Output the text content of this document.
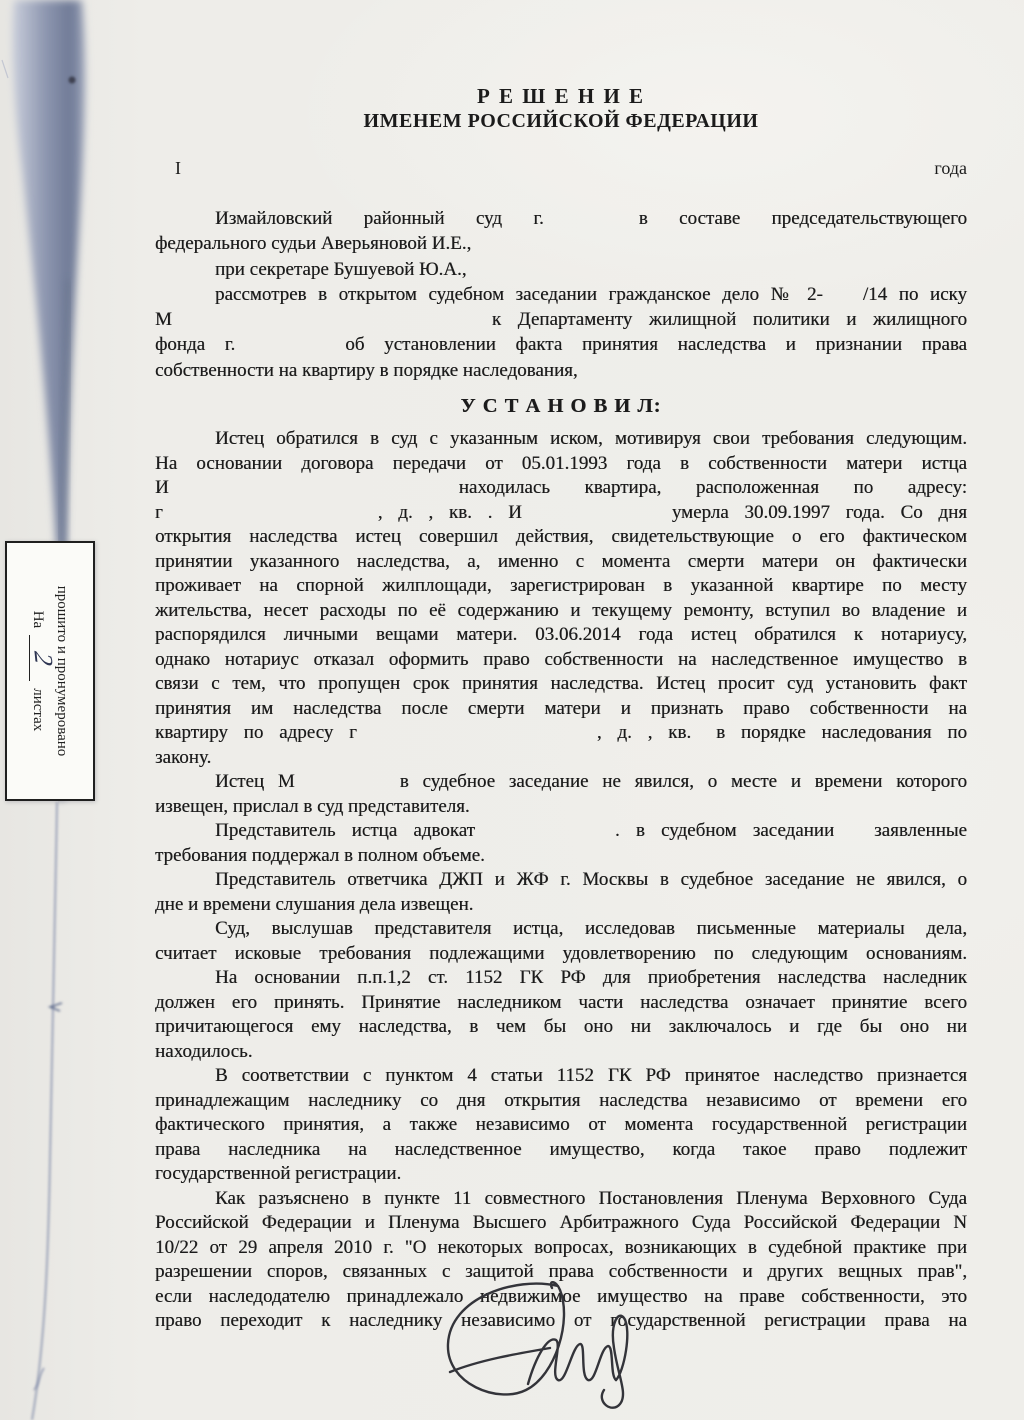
Р Е Ш Е Н И Е
ИМЕНЕМ РОССИЙСКОЙ ФЕДЕРАЦИИ
I	года
Измайловский районный суд г.	в составе председательствующего
федерального судьи Аверьяновой И.Е.,
при секретаре Бушуевой Ю.А.,
рассмотрев в открытом судебном заседании гражданское дело № 2- /14 по иску
М	к Департаменту жилищной политики и жилищного
фонда г.	об установлении факта принятия наследства и признании права
собственности на квартиру в порядке наследования,
У С Т А Н О В И Л:
Истец обратился в суд с указанным иском, мотивируя свои требования следующим.
На основании договора передачи от 05.01.1993 года в собственности матери истца
И	находилась квартира, расположенная по адресу:
г	, д. , кв. . И	умерла 30.09.1997 года. Со дня
открытия наследства истец совершил действия, свидетельствующие о его фактическом
принятии указанного наследства, а, именно с момента смерти матери он фактически
проживает на спорной жилплощади, зарегистрирован в указанной квартире по месту
жительства, несет расходы по её содержанию и текущему ремонту, вступил во владение и
распорядился личными вещами матери. 03.06.2014 года истец обратился к нотариусу,
однако нотариус отказал оформить право собственности на наследственное имущество в
связи с тем, что пропущен срок принятия наследства. Истец просит суд установить факт
принятия им наследства после смерти матери и признать право собственности на
квартиру по адресу г	, д. , кв. в порядке наследования по
закону.
Истец М	в судебное заседание не явился, о месте и времени которого
извещен, прислал в суд представителя.
Представитель истца адвокат	. в судебном заседании заявленные
требования поддержал в полном объеме.
Представитель ответчика ДЖП и ЖФ г. Москвы в судебное заседание не явился, о
дне и времени слушания дела извещен.
Суд, выслушав представителя истца, исследовав письменные материалы дела,
считает исковые требования подлежащими удовлетворению по следующим основаниям.
На основании п.п.1,2 ст. 1152 ГК РФ для приобретения наследства наследник
должен его принять. Принятие наследником части наследства означает принятие всего
причитающегося ему наследства, в чем бы оно ни заключалось и где бы оно ни
находилось.
В соответствии с пунктом 4 статьи 1152 ГК РФ принятое наследство признается
принадлежащим наследнику со дня открытия наследства независимо от времени его
фактического принятия, а также независимо от момента государственной регистрации
права наследника на наследственное имущество, когда такое право подлежит
государственной регистрации.
Как разъяснено в пункте 11 совместного Постановления Пленума Верховного Суда
Российской Федерации и Пленума Высшего Арбитражного Суда Российской Федерации N
10/22 от 29 апреля 2010 г. "О некоторых вопросах, возникающих в судебной практике при
разрешении споров, связанных с защитой права собственности и других вещных прав",
если наследодателю принадлежало недвижимое имущество на праве собственности, это
право переходит к наследнику независимо от государственной регистрации права на
прошито и пронумеровано
На
2
листах
